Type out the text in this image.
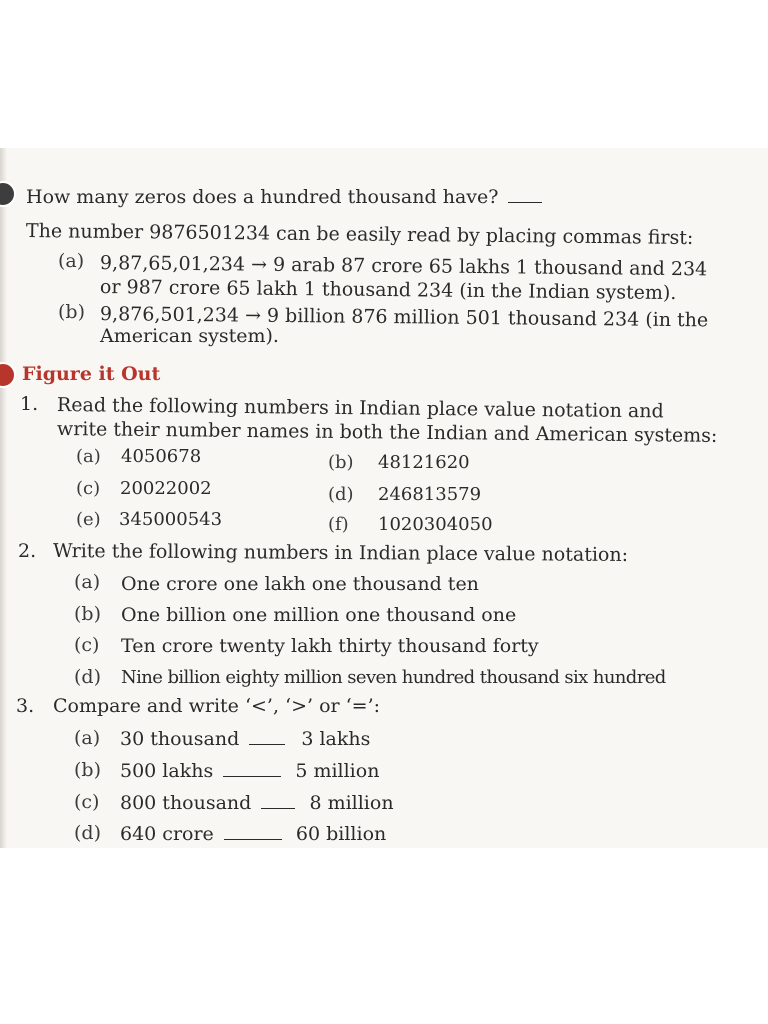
How many zeros does a hundred thousand have?
The number 9876501234 can be easily read by placing commas first:
(a) 9,87,65,01,234 → 9 arab 87 crore 65 lakhs 1 thousand and 234
or 987 crore 65 lakh 1 thousand 234 (in the Indian system).
(b) 9,876,501,234 → 9 billion 876 million 501 thousand 234 (in the
American system).
Figure it Out
1. Read the following numbers in Indian place value notation and
write their number names in both the Indian and American systems:
(a) 4050678	(b) 48121620
(c) 20022002	(d) 246813579
(e) 345000543	(f) 1020304050
2. Write the following numbers in Indian place value notation:
(a) One crore one lakh one thousand ten
(b) One billion one million one thousand one
(c) Ten crore twenty lakh thirty thousand forty
(d) Nine billion eighty million seven hundred thousand six hundred
3. Compare and write ‘<’, ‘>’ or ‘=’:
(a) 30 thousand	3 lakhs
(b) 500 lakhs	5 million
(c) 800 thousand	8 million
(d) 640 crore	60 billion
